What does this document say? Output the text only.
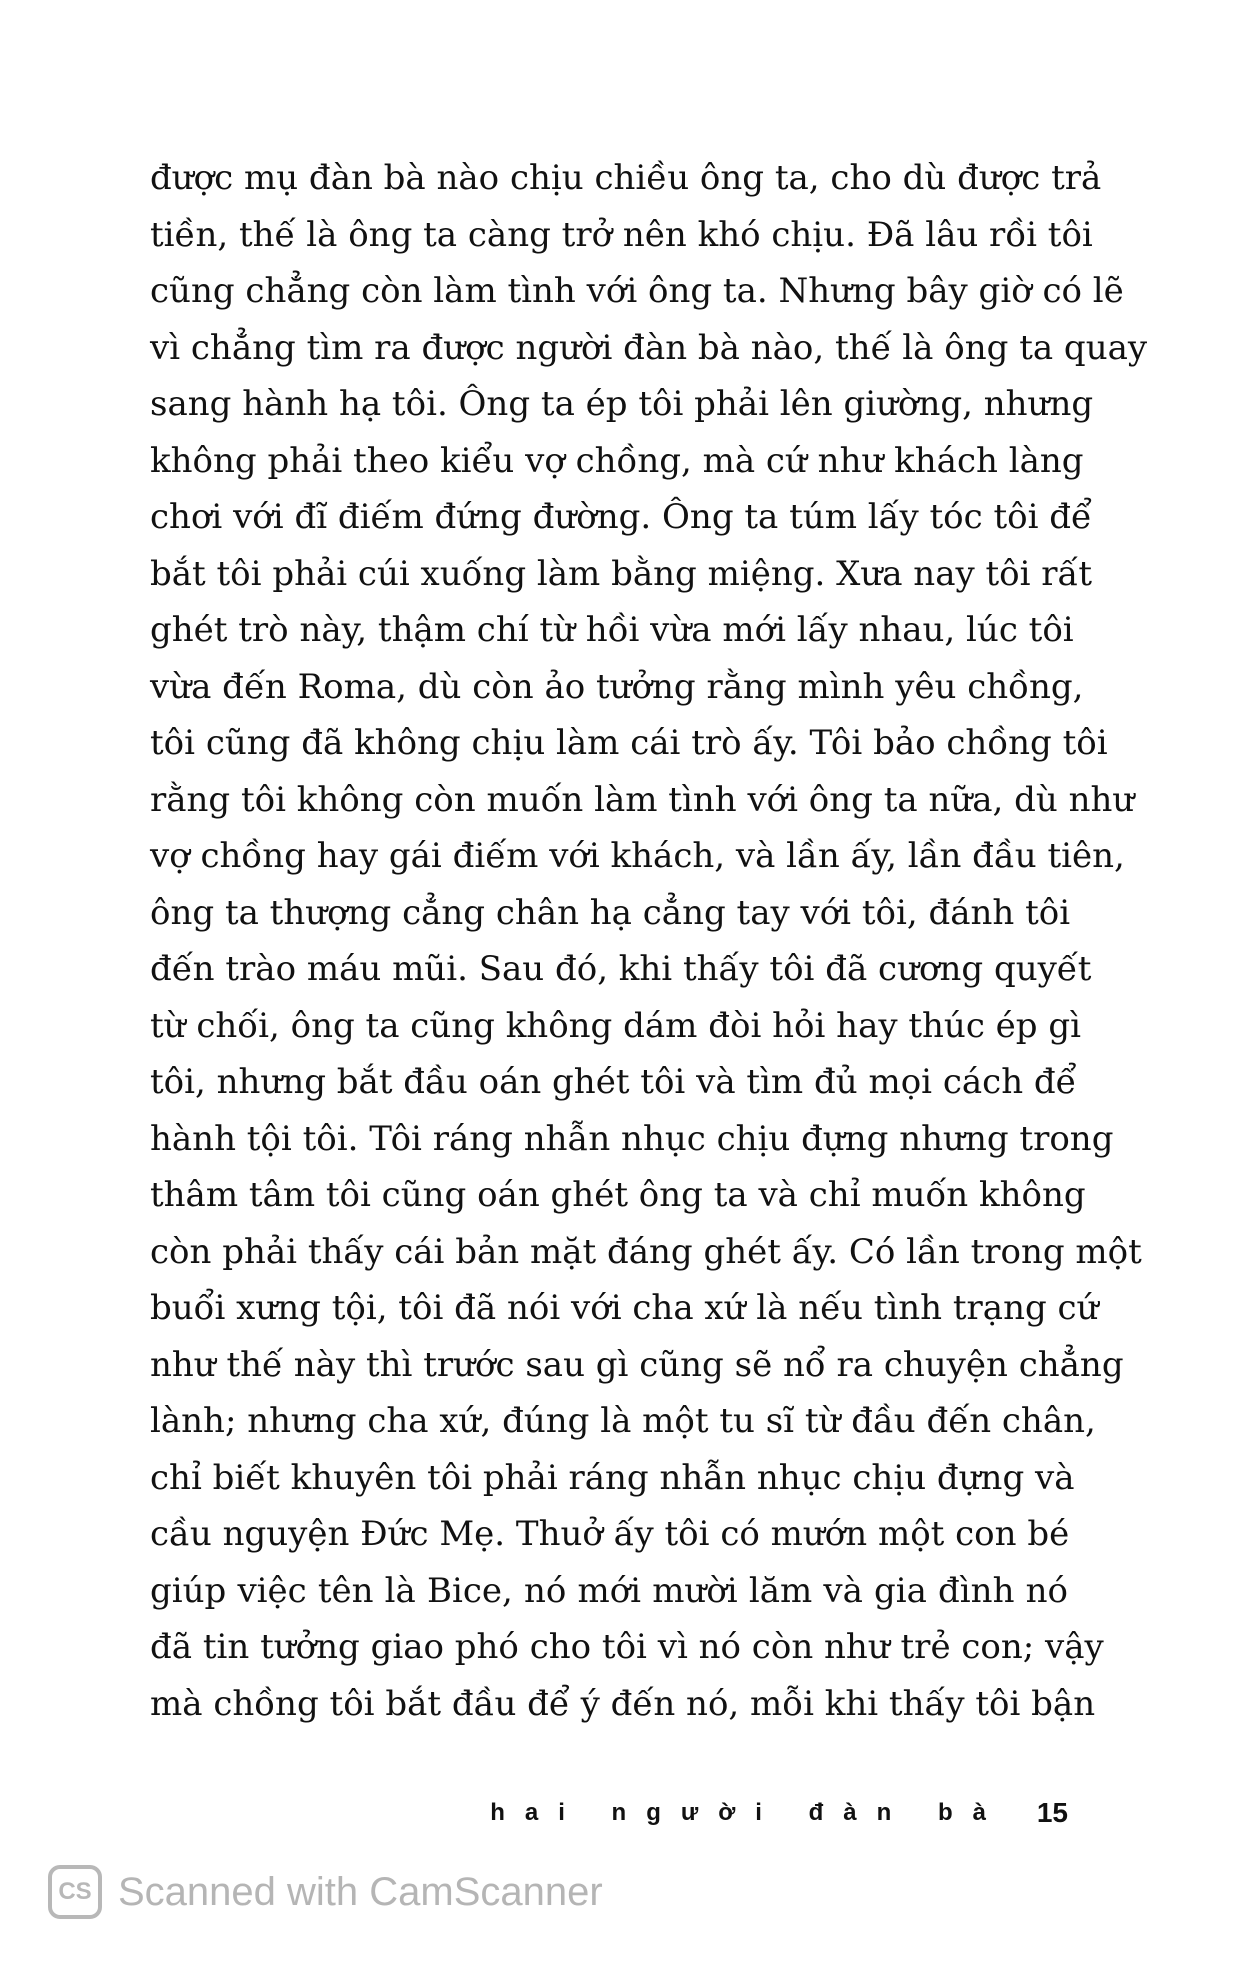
được mụ đàn bà nào chịu chiều ông ta, cho dù được trả
tiền, thế là ông ta càng trở nên khó chịu. Đã lâu rồi tôi
cũng chẳng còn làm tình với ông ta. Nhưng bây giờ có lẽ
vì chẳng tìm ra được người đàn bà nào, thế là ông ta quay
sang hành hạ tôi. Ông ta ép tôi phải lên giường, nhưng
không phải theo kiểu vợ chồng, mà cứ như khách làng
chơi với đĩ điếm đứng đường. Ông ta túm lấy tóc tôi để
bắt tôi phải cúi xuống làm bằng miệng. Xưa nay tôi rất
ghét trò này, thậm chí từ hồi vừa mới lấy nhau, lúc tôi
vừa đến Roma, dù còn ảo tưởng rằng mình yêu chồng,
tôi cũng đã không chịu làm cái trò ấy. Tôi bảo chồng tôi
rằng tôi không còn muốn làm tình với ông ta nữa, dù như
vợ chồng hay gái điếm với khách, và lần ấy, lần đầu tiên,
ông ta thượng cẳng chân hạ cẳng tay với tôi, đánh tôi
đến trào máu mũi. Sau đó, khi thấy tôi đã cương quyết
từ chối, ông ta cũng không dám đòi hỏi hay thúc ép gì
tôi, nhưng bắt đầu oán ghét tôi và tìm đủ mọi cách để
hành tội tôi. Tôi ráng nhẫn nhục chịu đựng nhưng trong
thâm tâm tôi cũng oán ghét ông ta và chỉ muốn không
còn phải thấy cái bản mặt đáng ghét ấy. Có lần trong một
buổi xưng tội, tôi đã nói với cha xứ là nếu tình trạng cứ
như thế này thì trước sau gì cũng sẽ nổ ra chuyện chẳng
lành; nhưng cha xứ, đúng là một tu sĩ từ đầu đến chân,
chỉ biết khuyên tôi phải ráng nhẫn nhục chịu đựng và
cầu nguyện Đức Mẹ. Thuở ấy tôi có mướn một con bé
giúp việc tên là Bice, nó mới mười lăm và gia đình nó
đã tin tưởng giao phó cho tôi vì nó còn như trẻ con; vậy
mà chồng tôi bắt đầu để ý đến nó, mỗi khi thấy tôi bận
hai người đàn bà 15
CS Scanned with CamScanner
